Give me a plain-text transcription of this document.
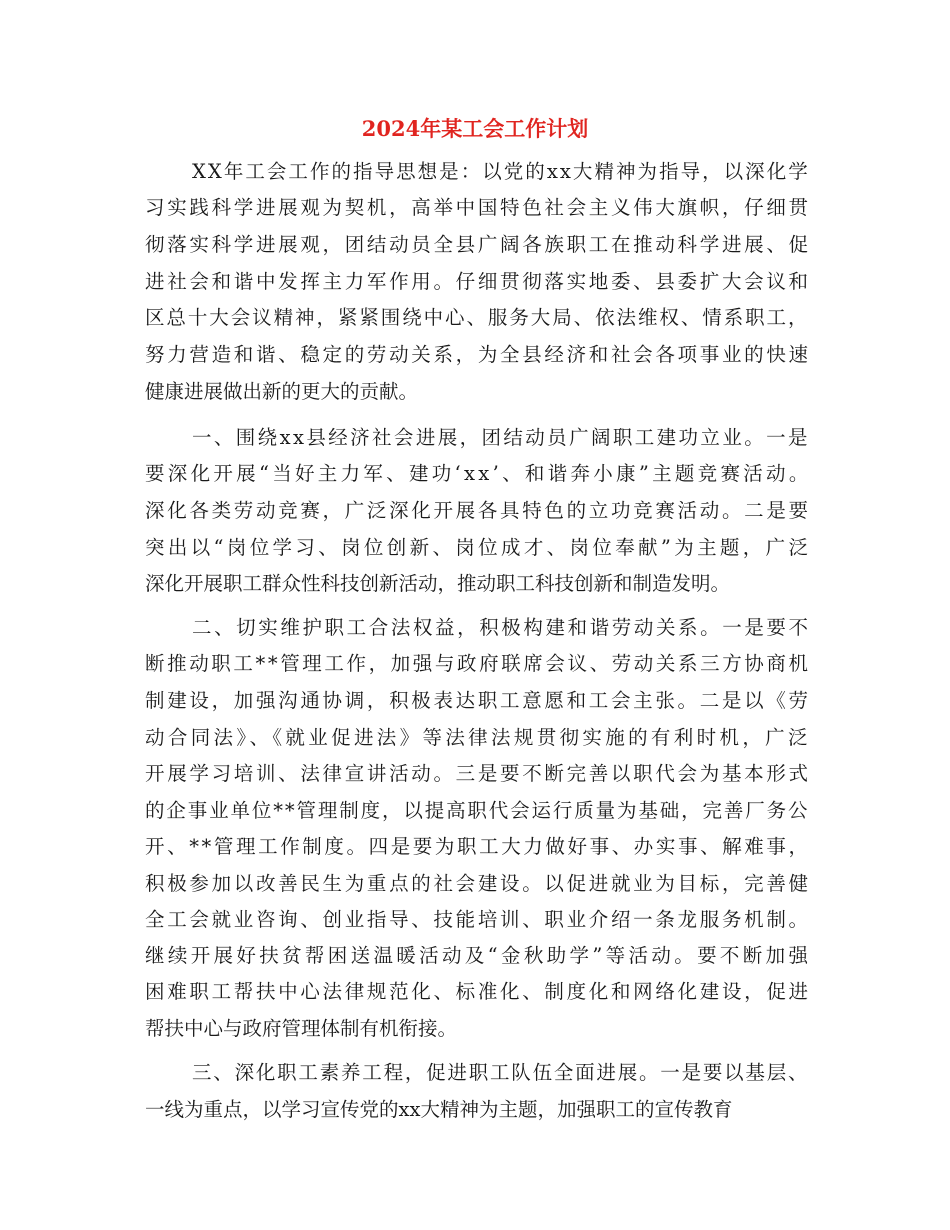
2024年某工会工作计划
XX年工会工作的指导思想是：以党的xx大精神为指导，以深化学
习实践科学进展观为契机，高举中国特色社会主义伟大旗帜，仔细贯
彻落实科学进展观，团结动员全县广阔各族职工在推动科学进展、促
进社会和谐中发挥主力军作用。仔细贯彻落实地委、县委扩大会议和
区总十大会议精神，紧紧围绕中心、服务大局、依法维权、情系职工，
努力营造和谐、稳定的劳动关系，为全县经济和社会各项事业的快速
健康进展做出新的更大的贡献。
一、围绕xx县经济社会进展，团结动员广阔职工建功立业。一是
要深化开展“当好主力军、建功‘xx’、和谐奔小康”主题竞赛活动。
深化各类劳动竞赛，广泛深化开展各具特色的立功竞赛活动。二是要
突出以“岗位学习、岗位创新、岗位成才、岗位奉献”为主题，广泛
深化开展职工群众性科技创新活动，推动职工科技创新和制造发明。
二、切实维护职工合法权益，积极构建和谐劳动关系。一是要不
断推动职工**管理工作，加强与政府联席会议、劳动关系三方协商机
制建设，加强沟通协调，积极表达职工意愿和工会主张。二是以《劳
动合同法》、《就业促进法》等法律法规贯彻实施的有利时机，广泛
开展学习培训、法律宣讲活动。三是要不断完善以职代会为基本形式
的企事业单位**管理制度，以提高职代会运行质量为基础，完善厂务公
开、**管理工作制度。四是要为职工大力做好事、办实事、解难事，
积极参加以改善民生为重点的社会建设。以促进就业为目标，完善健
全工会就业咨询、创业指导、技能培训、职业介绍一条龙服务机制。
继续开展好扶贫帮困送温暖活动及“金秋助学”等活动。要不断加强
困难职工帮扶中心法律规范化、标准化、制度化和网络化建设，促进
帮扶中心与政府管理体制有机衔接。
三、深化职工素养工程，促进职工队伍全面进展。一是要以基层、
一线为重点，以学习宣传党的xx大精神为主题，加强职工的宣传教育
